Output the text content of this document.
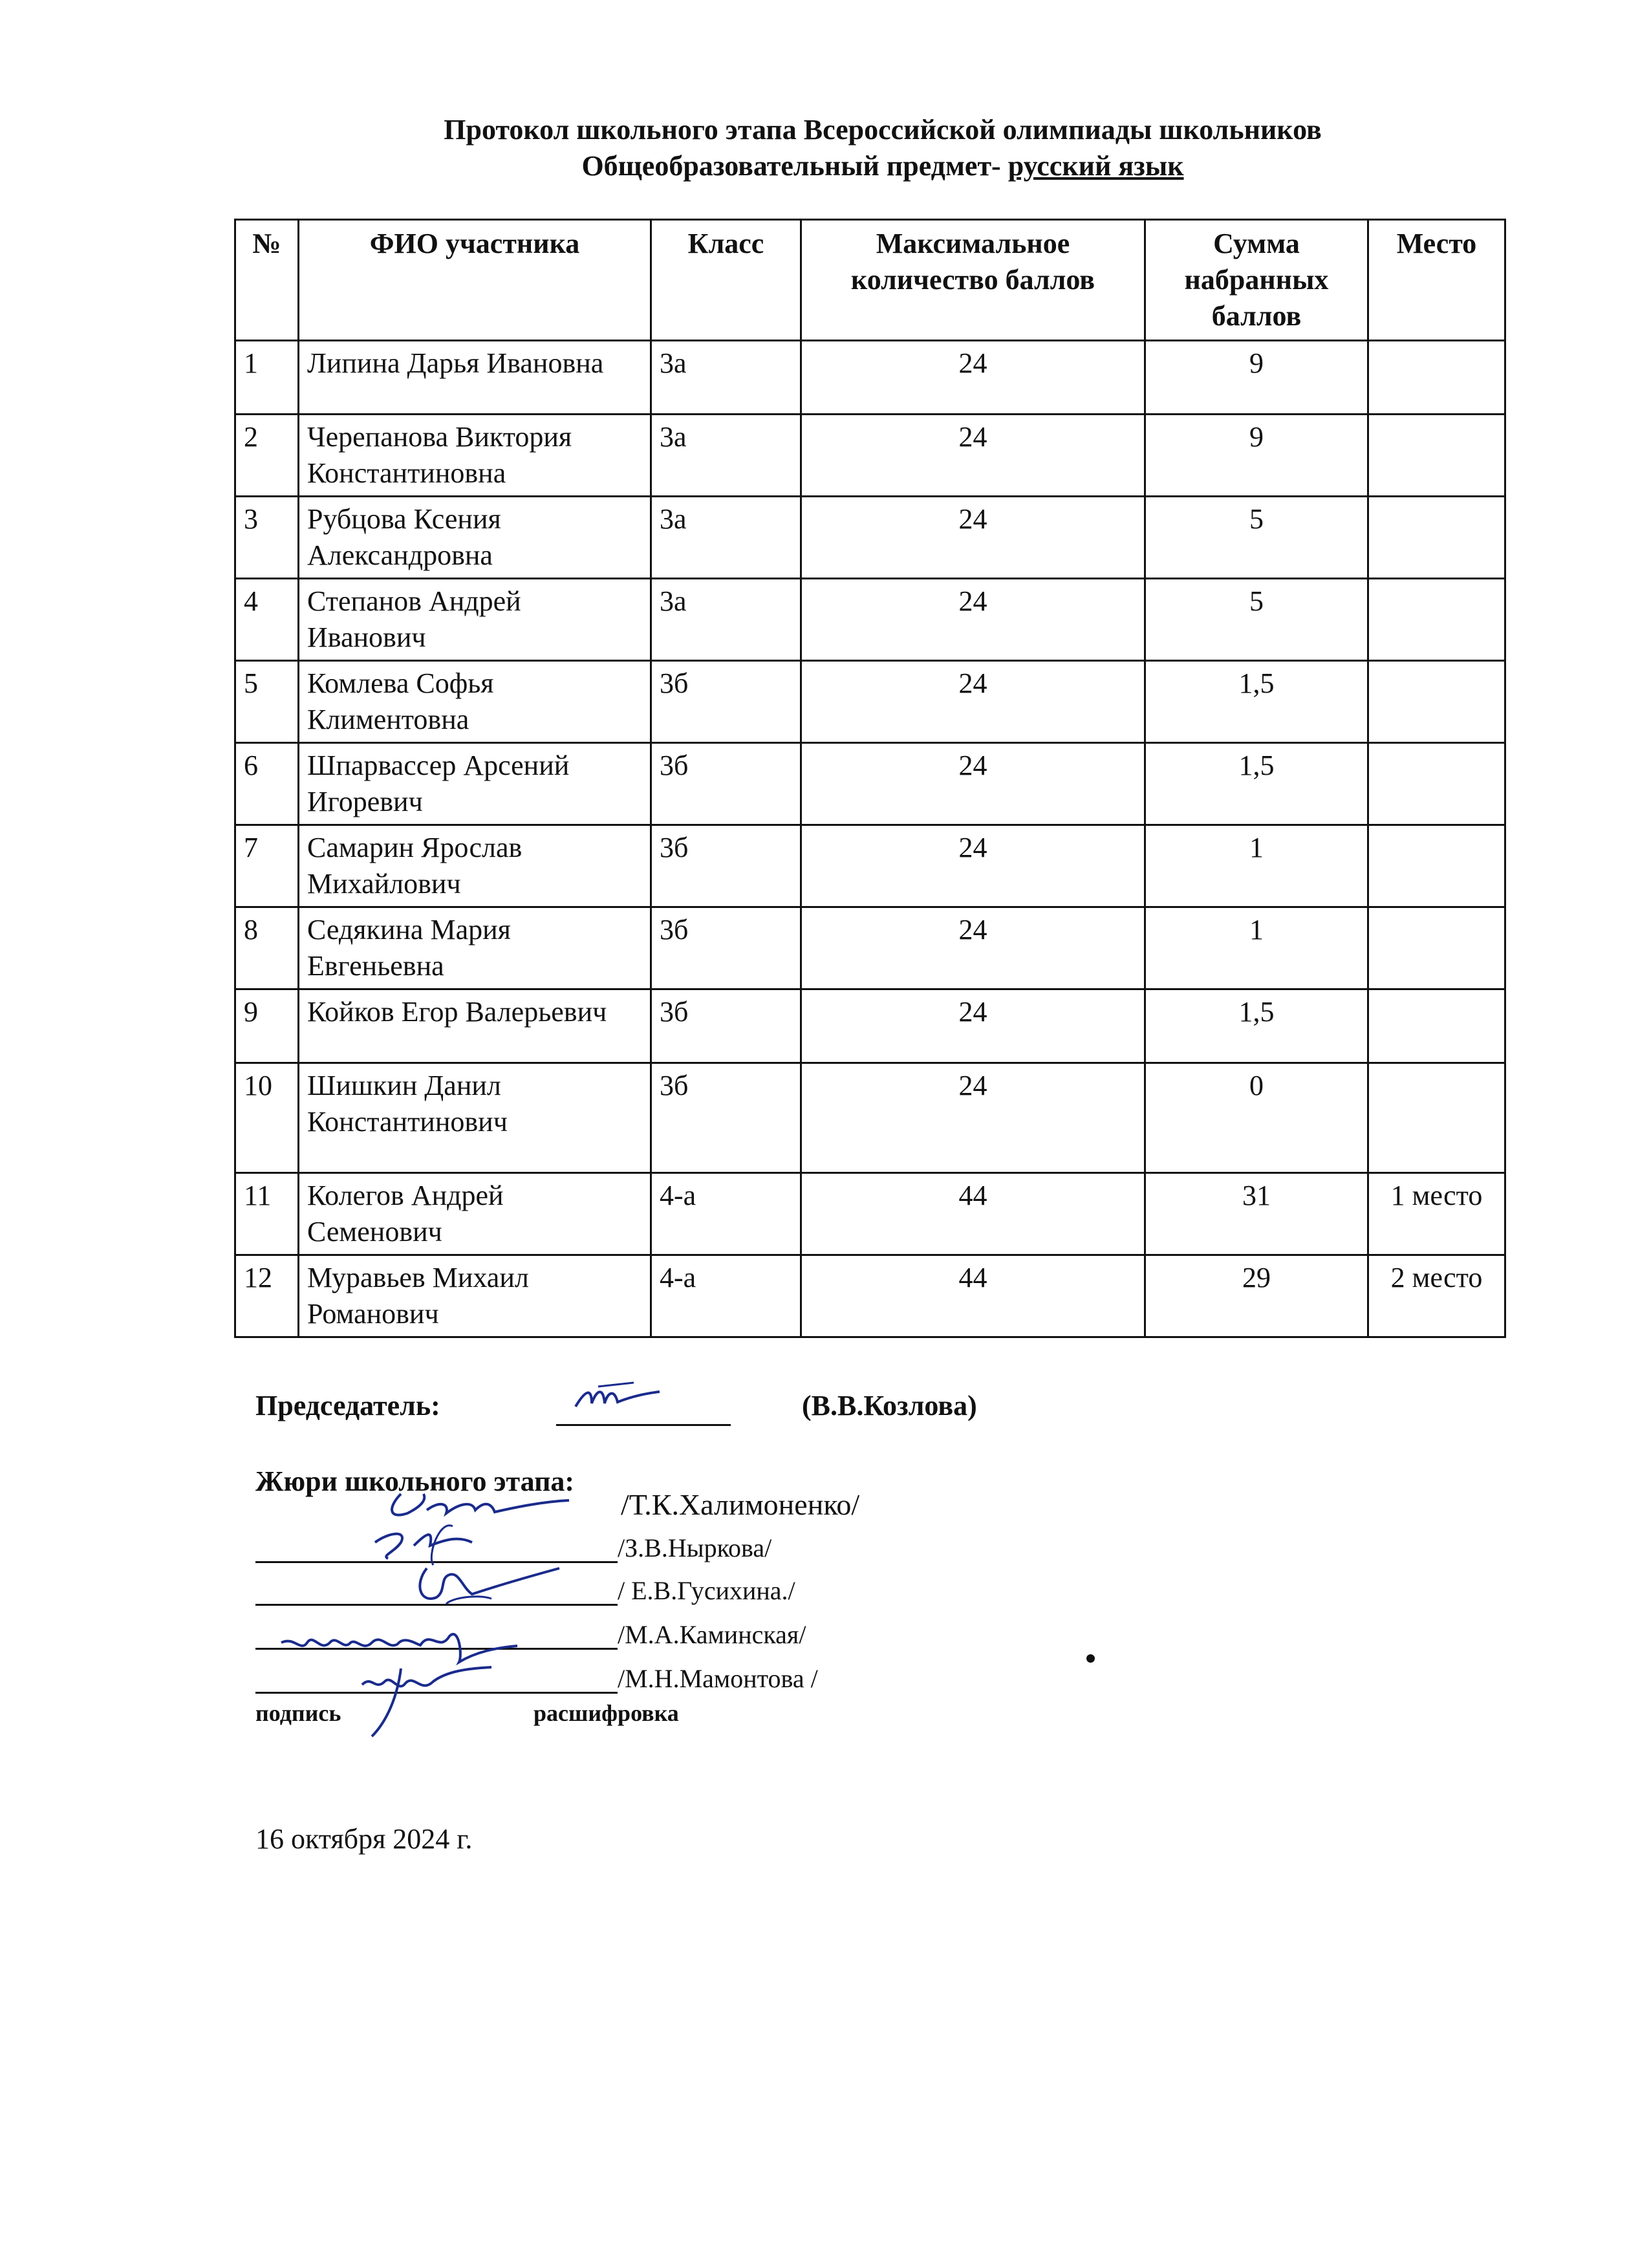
Протокол школьного этапа Всероссийской олимпиады школьников
Общеобразовательный предмет- русский язык
№	ФИО участника	Класс	Максимальное количество баллов	Сумма набранных баллов	Место
1	Липина Дарья Ивановна	3а	24	9	
2	Черепанова Виктория Константиновна	3а	24	9	
3	Рубцова Ксения Александровна	3а	24	5	
4	Степанов Андрей Иванович	3а	24	5	
5	Комлева Софья Климентовна	3б	24	1,5	
6	Шпарвассер Арсений Игоревич	3б	24	1,5	
7	Самарин Ярослав Михайлович	3б	24	1	
8	Седякина Мария Евгеньевна	3б	24	1	
9	Койков Егор Валерьевич	3б	24	1,5	
10	Шишкин Данил Константинович	3б	24	0	
11	Колегов Андрей Семенович	4-а	44	31	1 место
12	Муравьев Михаил Романович	4-а	44	29	2 место
Председатель:	(В.В.Козлова)
Жюри школьного этапа:
/Т.К.Халимоненко/
/З.В.Ныркова/
/ Е.В.Гусихина./
/М.А.Каминская/
/М.Н.Мамонтова /
подпись	расшифровка
16 октября 2024 г.
